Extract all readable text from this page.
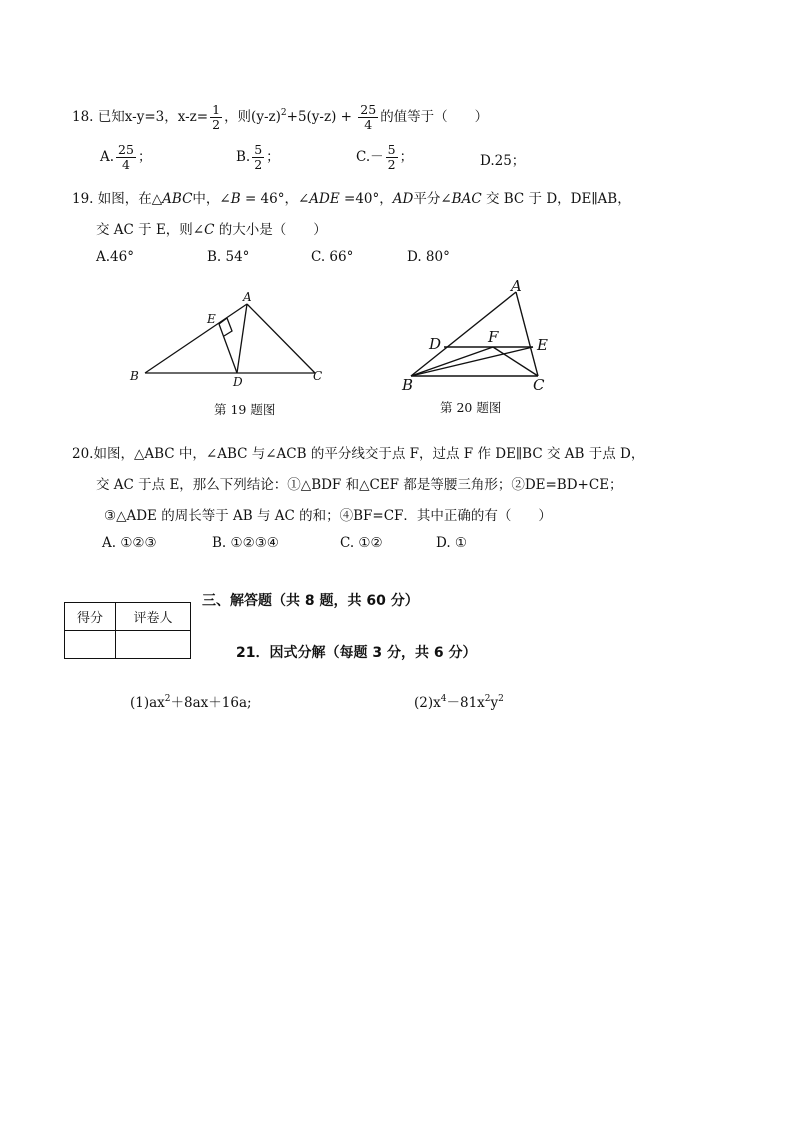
18. 已知x-y=3，$x-z= \frac{1}{2}$ ，则$(y-z)^2+5(y-z) + \frac{25}{4}$ 的值等于（　　）
A. $\frac{25}{4}$ ；	B. $\frac{5}{2}$ ；	$C.- \frac{5}{2}$ ；	D.25；
19. 如图，在△ABC中，∠B = 46°，∠ADE =40°，AD平分∠BAC 交 BC 于 D，DE∥AB，
交 AC 于 E，则∠C 的大小是（　　）
A.46°	B. 54°	C. 66°	D. 80°
A
E
B	D	C
第 19 题图
A
D	F	E
B	C
第 20 题图
20.如图，△ABC 中，∠ABC 与∠ACB 的平分线交于点 F，过点 F 作 DE∥BC 交 AB 于点 D，
交 AC 于点 E，那么下列结论：①△BDF 和△CEF 都是等腰三角形；②DE=BD+CE；
③△ADE 的周长等于 AB 与 AC 的和；④BF=CF．其中正确的有（　　）
A. ①②③	B. ①②③④	C. ①②	D. ①
三、解答题（共 8 题，共 60 分）
得分	评卷人

21．因式分解（每题 3 分，共 6 分）
$(1)ax^2+8ax+16a$;	$(2)x^4-81x^2y^2$
